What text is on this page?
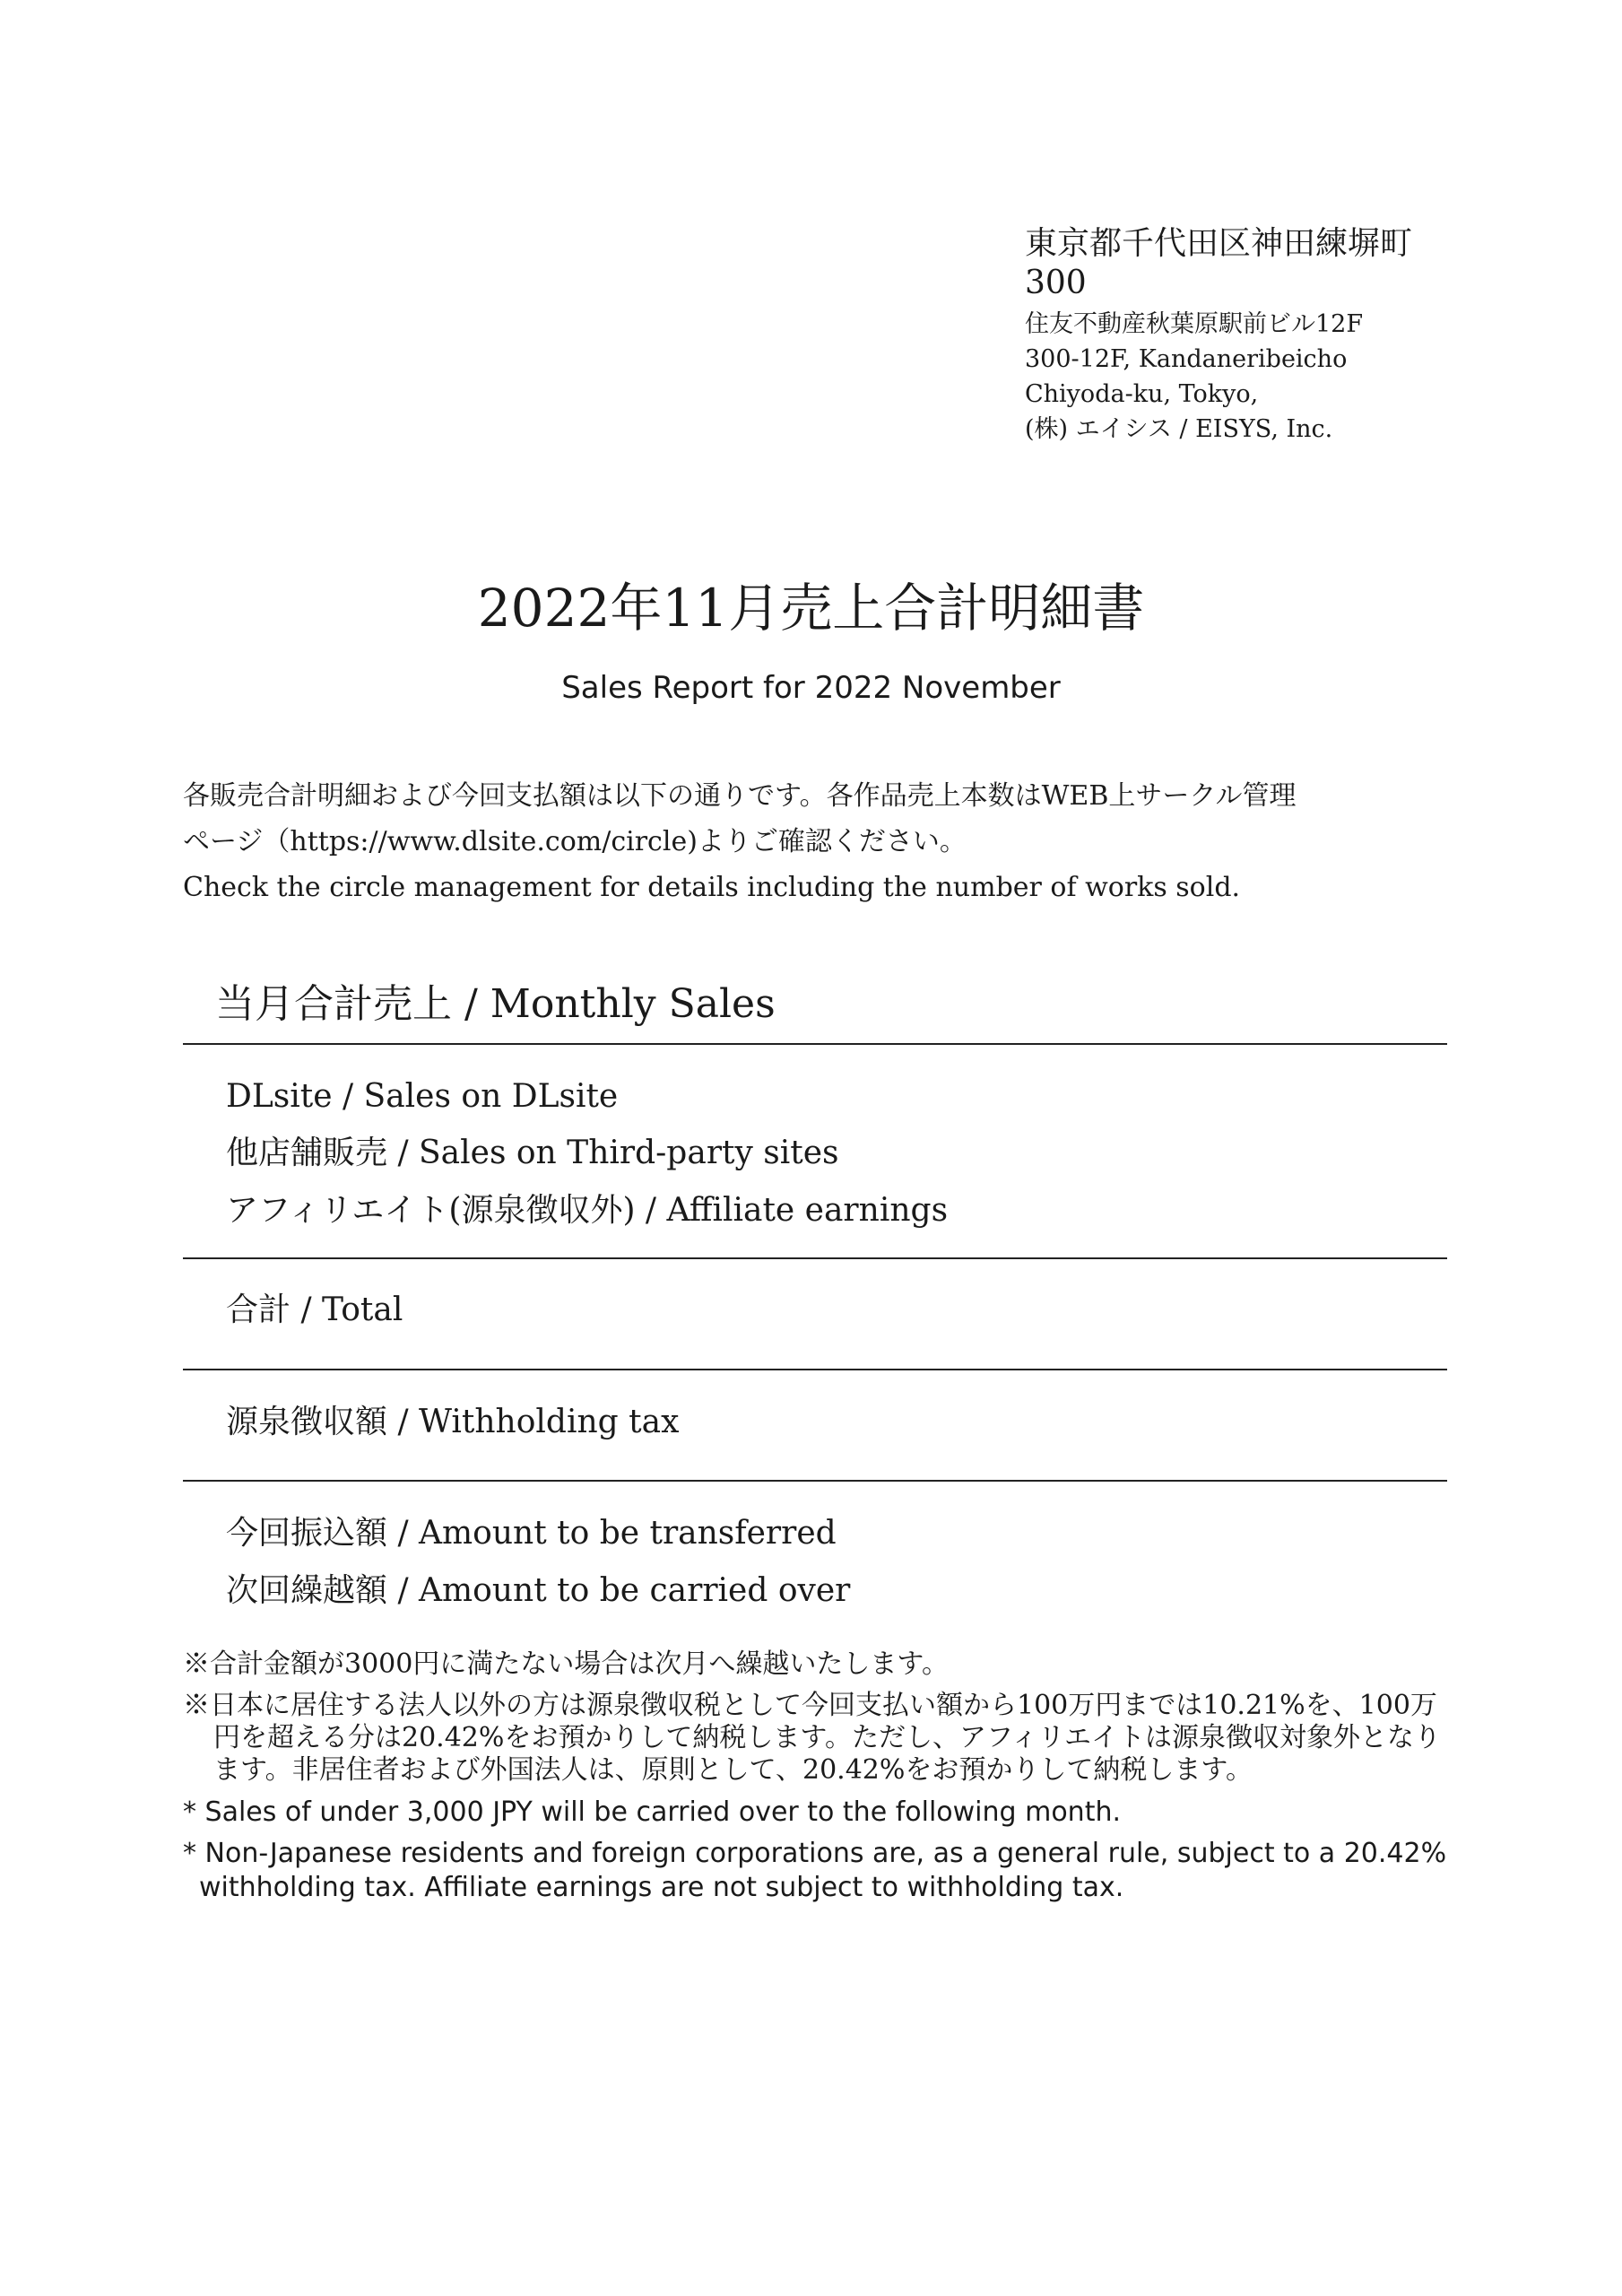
東京都千代田区神田練塀町

300

住友不動産秋葉原駅前ビル12F

300-12F, Kandaneribeicho

Chiyoda-ku, Tokyo,

(株) エイシス / EISYS, Inc.

2022年11月売上合計明細書

Sales Report for 2022 November

各販売合計明細および今回支払額は以下の通りです。各作品売上本数はWEB上サークル管理

ページ（https://www.dlsite.com/circle)よりご確認ください。

Check the circle management for details including the number of works sold.

当月合計売上 / Monthly Sales

DLsite / Sales on DLsite

他店舗販売 / Sales on Third-party sites

アフィリエイト(源泉徴収外) / Affiliate earnings

合計 / Total

源泉徴収額 / Withholding tax

今回振込額 / Amount to be transferred

次回繰越額 / Amount to be carried over

※合計金額が3000円に満たない場合は次月へ繰越いたします。

※日本に居住する法人以外の方は源泉徴収税として今回支払い額から100万円までは10.21%を、100万円を超える分は20.42%をお預かりして納税します。ただし、アフィリエイトは源泉徴収対象外となります。非居住者および外国法人は、原則として、20.42%をお預かりして納税します。

* Sales of under 3,000 JPY will be carried over to the following month.

* Non-Japanese residents and foreign corporations are, as a general rule, subject to a 20.42% withholding tax. Affiliate earnings are not subject to withholding tax.
